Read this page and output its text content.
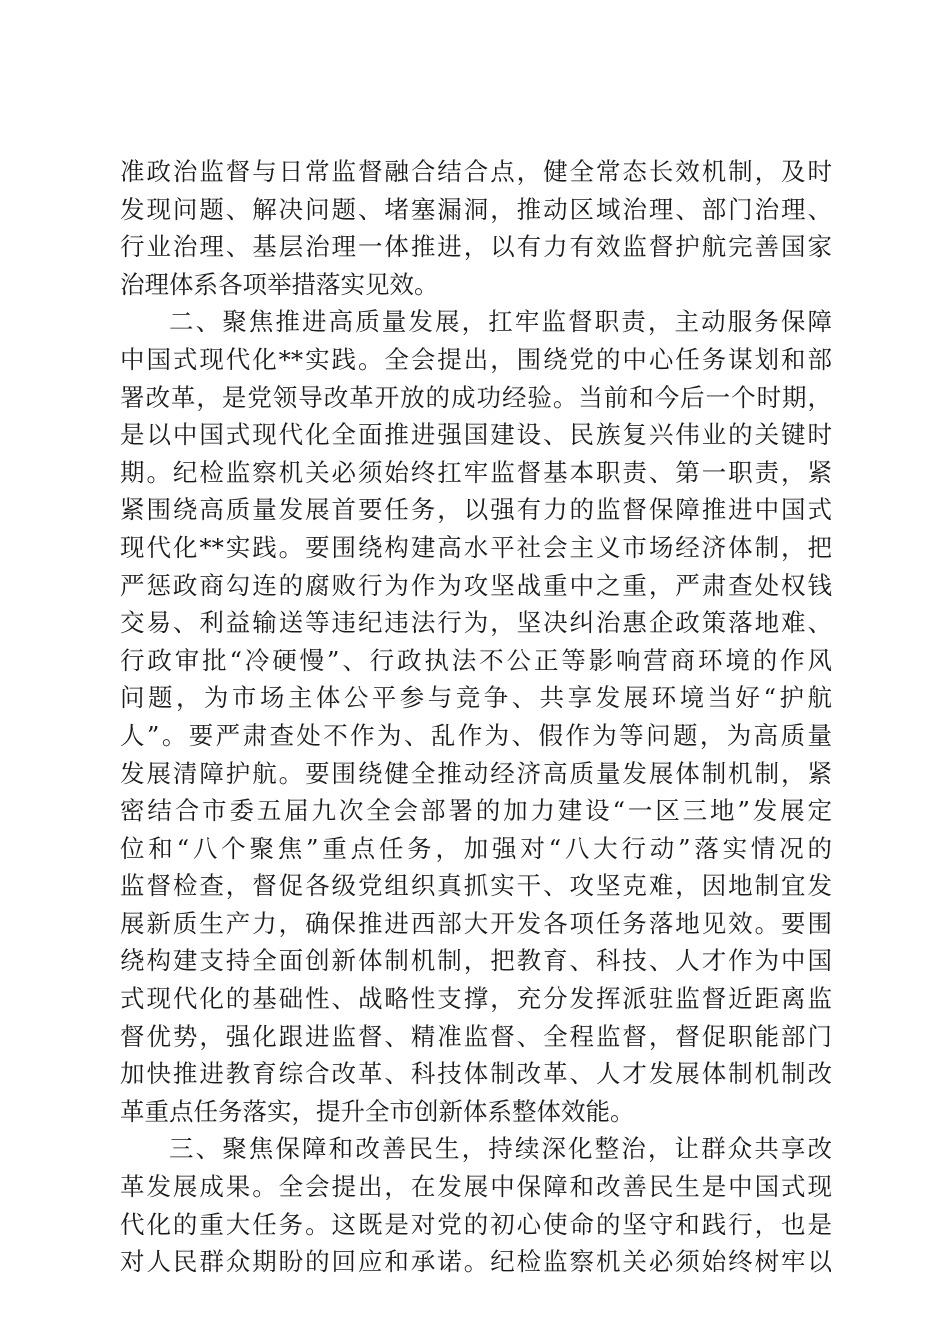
准政治监督与日常监督融合结合点，健全常态长效机制，及时
发现问题、解决问题、堵塞漏洞，推动区域治理、部门治理、
行业治理、基层治理一体推进，以有力有效监督护航完善国家
治理体系各项举措落实见效。
二、聚焦推进高质量发展，扛牢监督职责，主动服务保障
中国式现代化**实践。全会提出，围绕党的中心任务谋划和部
署改革，是党领导改革开放的成功经验。当前和今后一个时期，
是以中国式现代化全面推进强国建设、民族复兴伟业的关键时
期。纪检监察机关必须始终扛牢监督基本职责、第一职责，紧
紧围绕高质量发展首要任务，以强有力的监督保障推进中国式
现代化**实践。要围绕构建高水平社会主义市场经济体制，把
严惩政商勾连的腐败行为作为攻坚战重中之重，严肃查处权钱
交易、利益输送等违纪违法行为，坚决纠治惠企政策落地难、
行政审批“冷硬慢”、行政执法不公正等影响营商环境的作风
问题，为市场主体公平参与竞争、共享发展环境当好“护航
人”。要严肃查处不作为、乱作为、假作为等问题，为高质量
发展清障护航。要围绕健全推动经济高质量发展体制机制，紧
密结合市委五届九次全会部署的加力建设“一区三地”发展定
位和“八个聚焦”重点任务，加强对“八大行动”落实情况的
监督检查，督促各级党组织真抓实干、攻坚克难，因地制宜发
展新质生产力，确保推进西部大开发各项任务落地见效。要围
绕构建支持全面创新体制机制，把教育、科技、人才作为中国
式现代化的基础性、战略性支撑，充分发挥派驻监督近距离监
督优势，强化跟进监督、精准监督、全程监督，督促职能部门
加快推进教育综合改革、科技体制改革、人才发展体制机制改
革重点任务落实，提升全市创新体系整体效能。
三、聚焦保障和改善民生，持续深化整治，让群众共享改
革发展成果。全会提出，在发展中保障和改善民生是中国式现
代化的重大任务。这既是对党的初心使命的坚守和践行，也是
对人民群众期盼的回应和承诺。纪检监察机关必须始终树牢以
